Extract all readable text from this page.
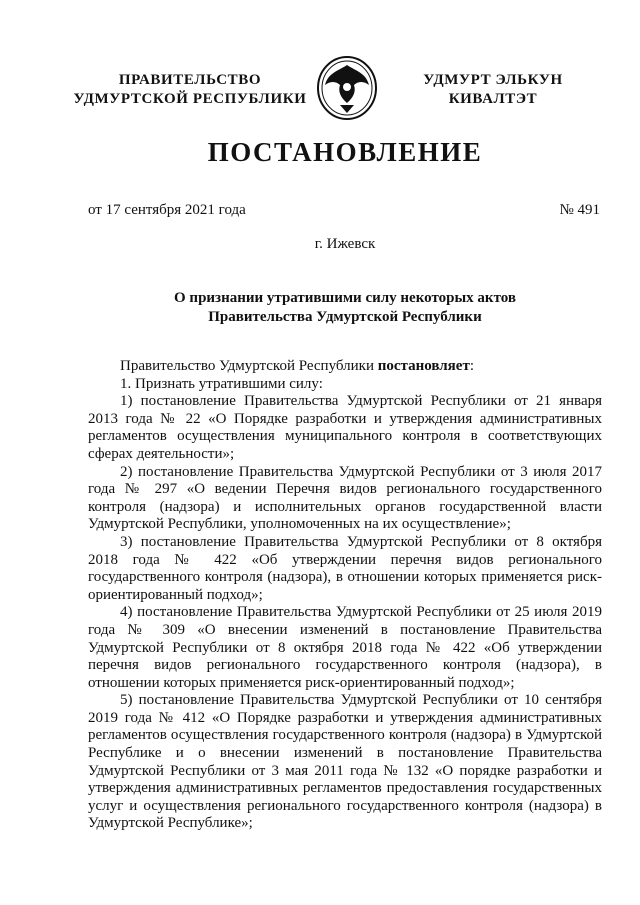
ПРАВИТЕЛЬСТВО
УДМУРТСКОЙ РЕСПУБЛИКИ
УДМУРТ ЭЛЬКУН
КИВАЛТЭТ
ПОСТАНОВЛЕНИЕ
от 17 сентября 2021 года	№ 491
г. Ижевск
О признании утратившими силу некоторых актов
Правительства Удмуртской Республики

Правительство Удмуртской Республики постановляет:

1. Признать утратившими силу:

1) постановление Правительства Удмуртской Республики от 21 января 2013 года № 22 «О Порядке разработки и утверждения административных регламентов осуществления муниципального контроля в соответствующих сферах деятельности»;

2) постановление Правительства Удмуртской Республики от 3 июля 2017 года № 297 «О ведении Перечня видов регионального государственного контроля (надзора) и исполнительных органов государственной власти Удмуртской Республики, уполномоченных на их осуществление»;

3) постановление Правительства Удмуртской Республики от 8 октября 2018 года № 422 «Об утверждении перечня видов регионального государственного контроля (надзора), в отношении которых применяется риск-ориентированный подход»;

4) постановление Правительства Удмуртской Республики от 25 июля 2019 года № 309 «О внесении изменений в постановление Правительства Удмуртской Республики от 8 октября 2018 года № 422 «Об утверждении перечня видов регионального государственного контроля (надзора), в отношении которых применяется риск-ориентированный подход»;

5) постановление Правительства Удмуртской Республики от 10 сентября 2019 года № 412 «О Порядке разработки и утверждения административных регламентов осуществления государственного контроля (надзора) в Удмуртской Республике и о внесении изменений в постановление Правительства Удмуртской Республики от 3 мая 2011 года № 132 «О порядке разработки и утверждения административных регламентов предоставления государственных услуг и осуществления регионального государственного контроля (надзора) в Удмуртской Республике»;
